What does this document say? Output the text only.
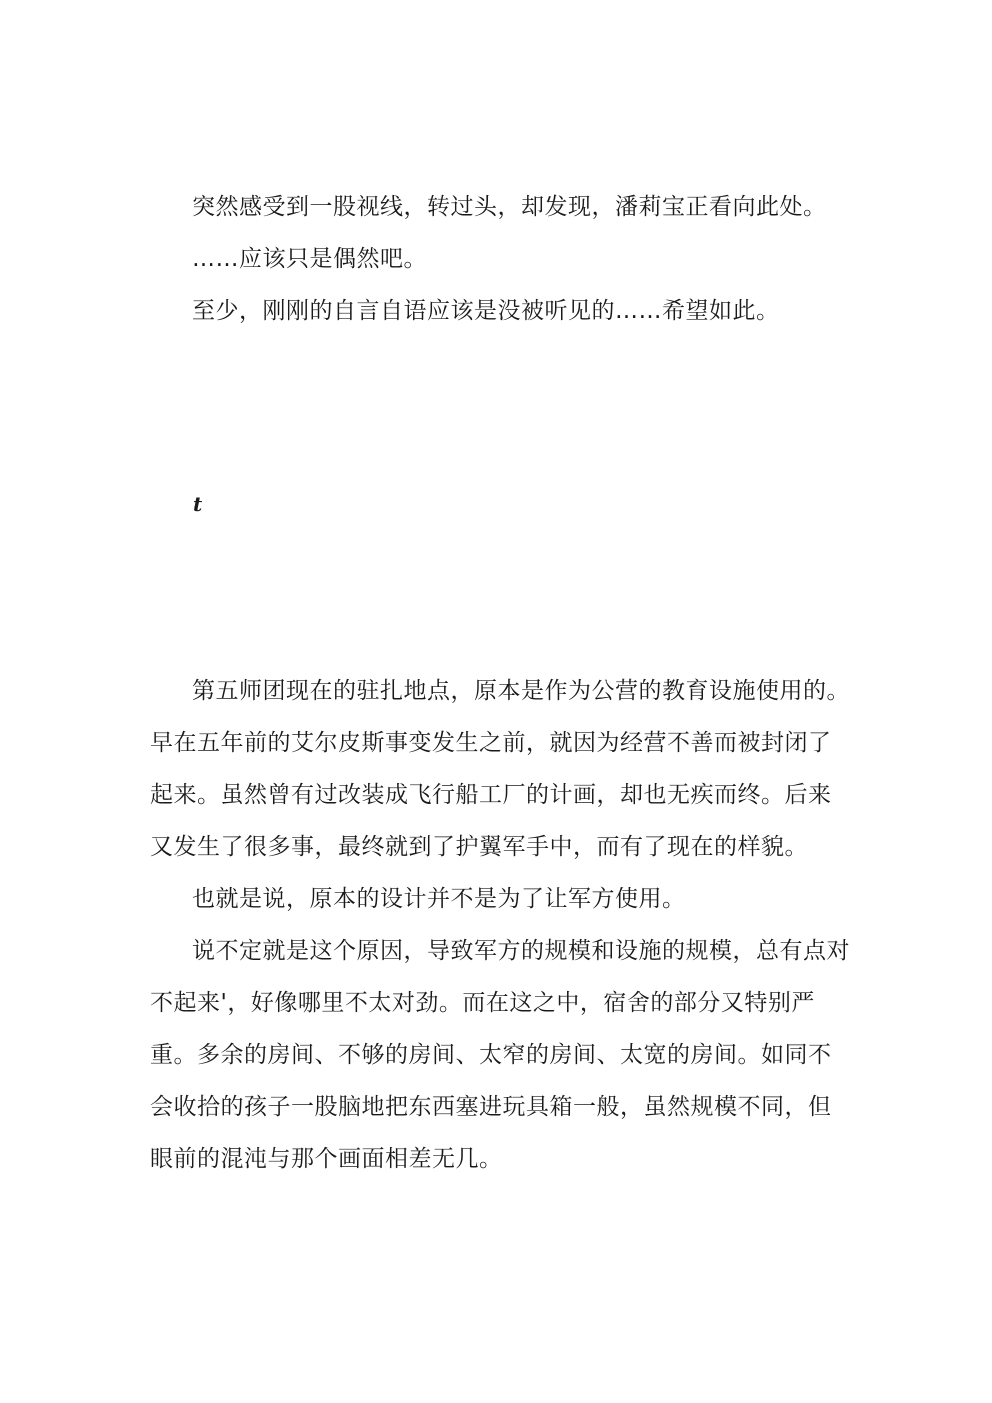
突然感受到一股视线，转过头，却发现，潘莉宝正看向此处。

……应该只是偶然吧。

至少，刚刚的自言自语应该是没被听见的……希望如此。

t

第五师团现在的驻扎地点，原本是作为公营的教育设施使用的。早在五年前的艾尔皮斯事变发生之前，就因为经营不善而被封闭了起来。虽然曾有过改装成飞行船工厂的计画，却也无疾而终。后来又发生了很多事，最终就到了护翼军手中，而有了现在的样貌。

也就是说，原本的设计并不是为了让军方使用。

说不定就是这个原因，导致军方的规模和设施的规模，总有点对不起来'，好像哪里不太对劲。而在这之中，宿舍的部分又特别严重。多余的房间、不够的房间、太窄的房间、太宽的房间。如同不会收拾的孩子一股脑地把东西塞进玩具箱一般，虽然规模不同，但眼前的混沌与那个画面相差无几。
